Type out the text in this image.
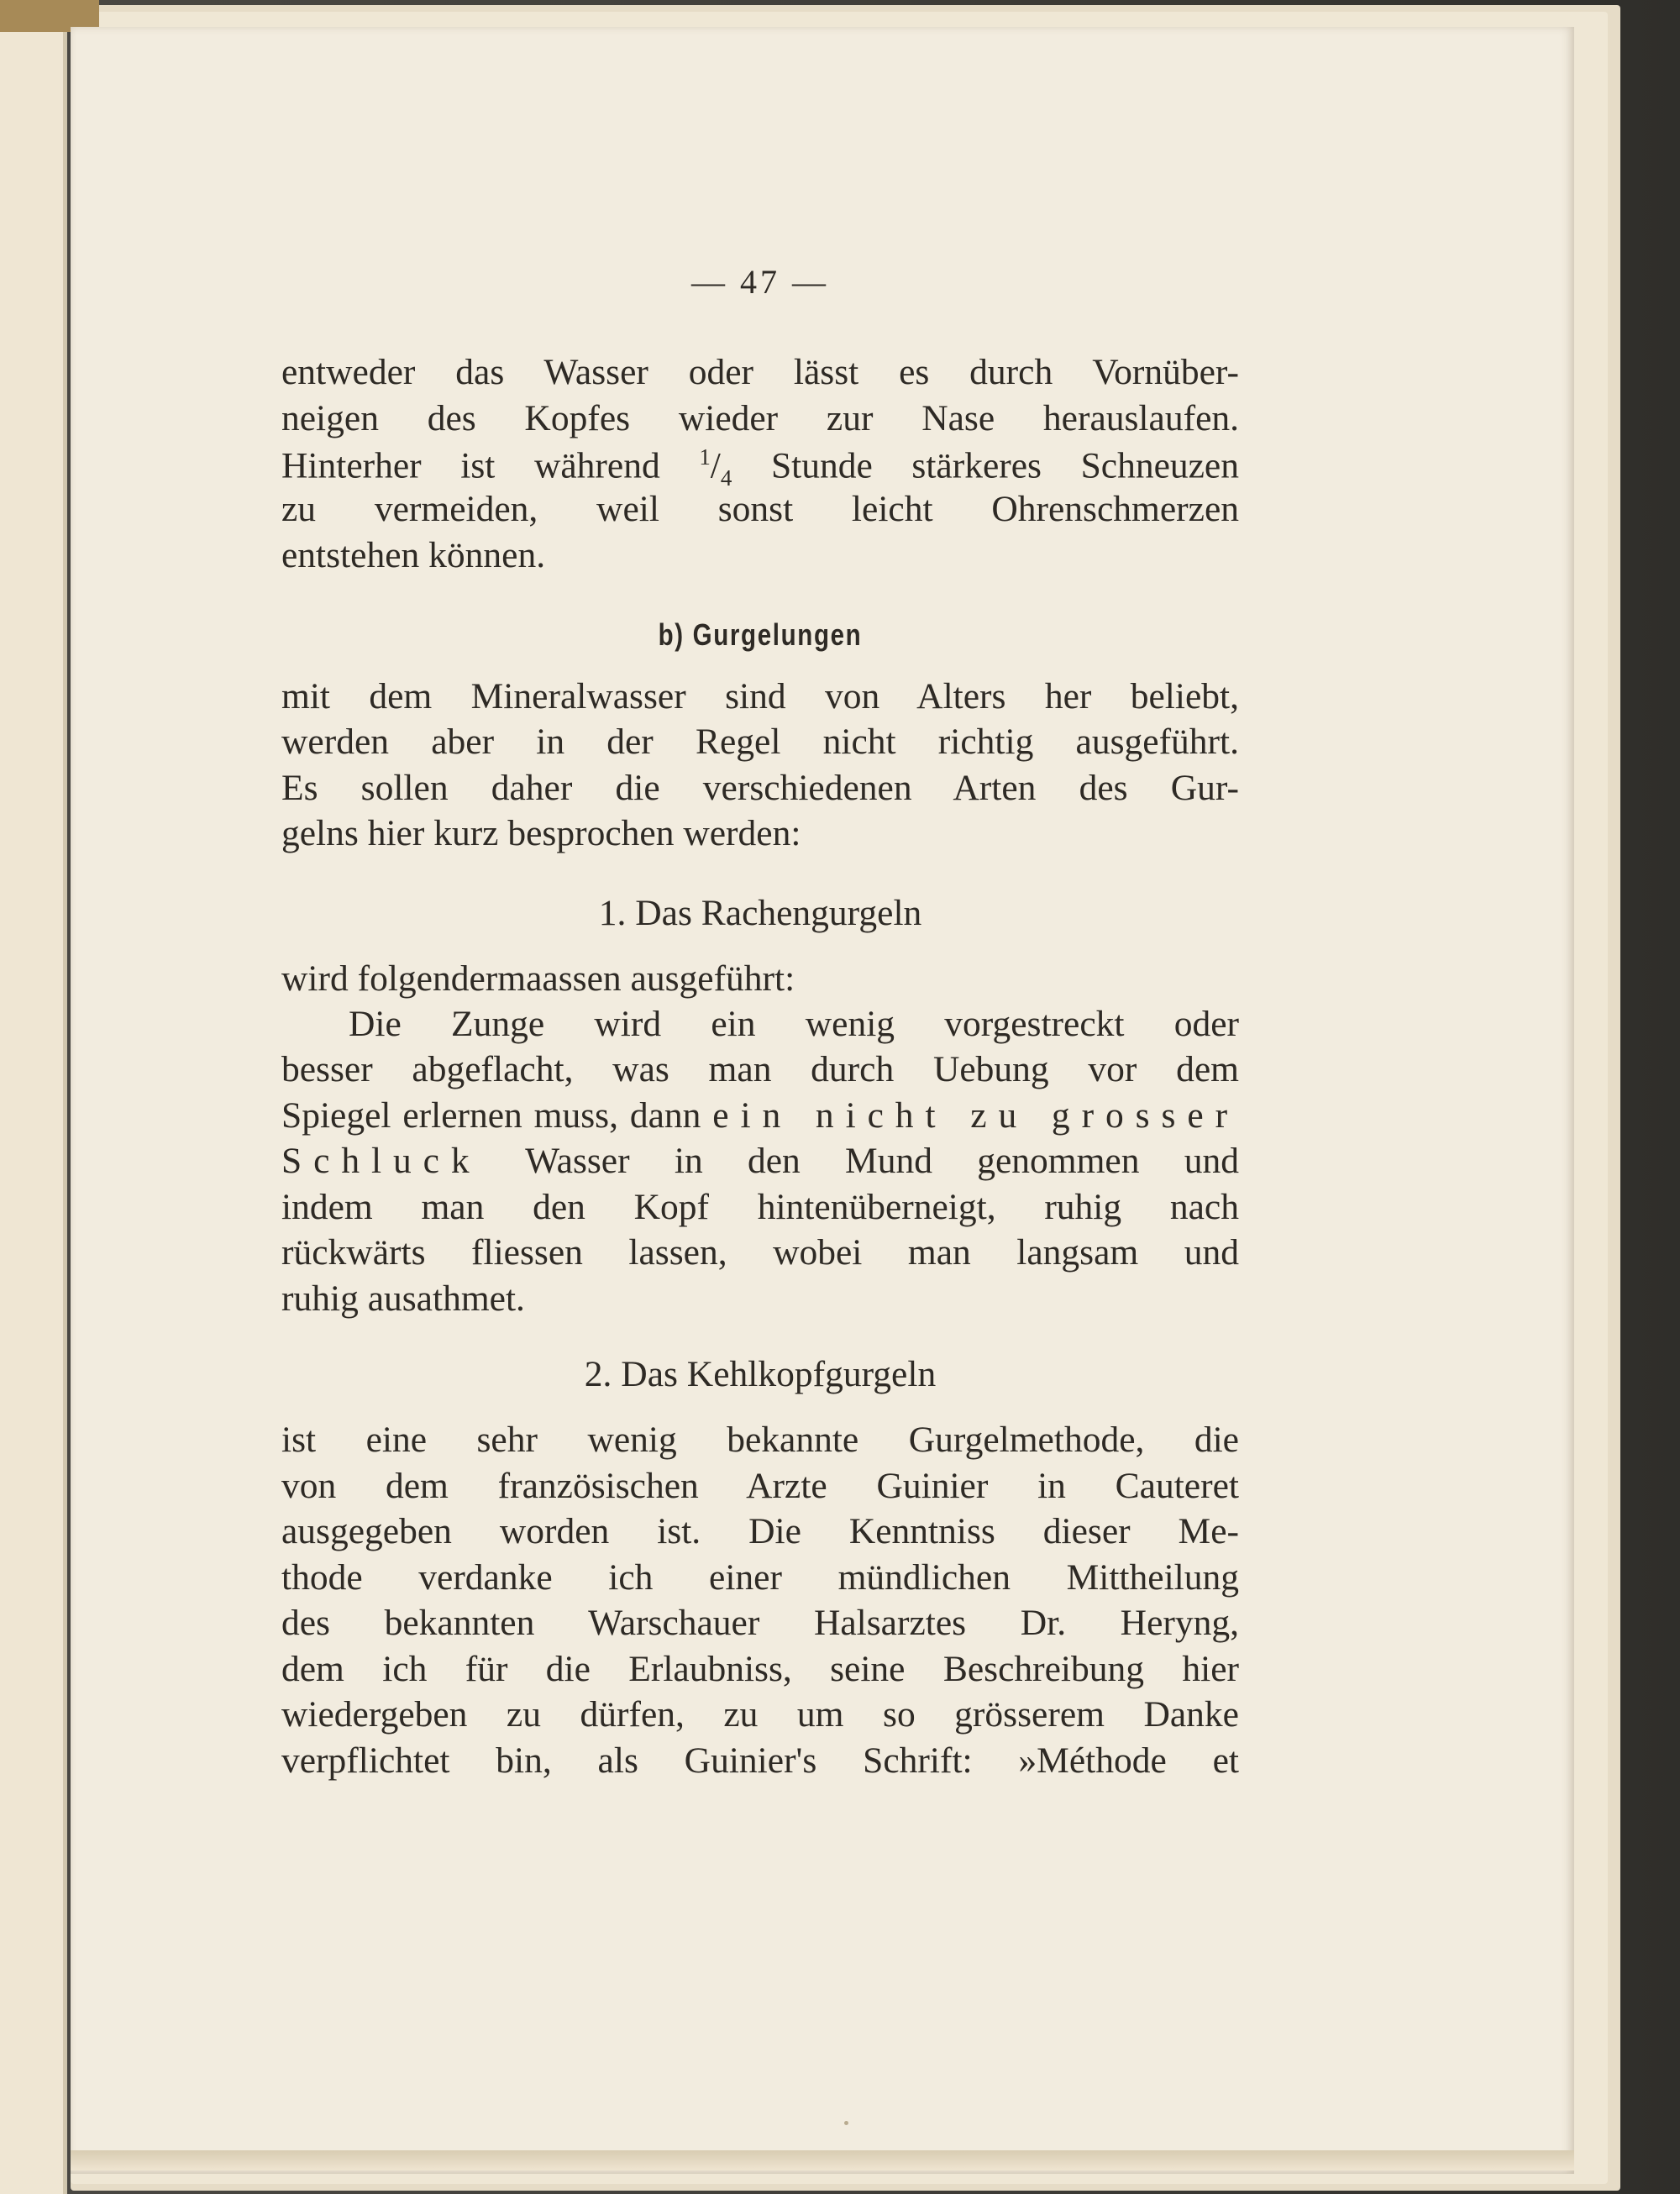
— 47 —
entweder das Wasser oder lässt es durch Vornüber-
neigen des Kopfes wieder zur Nase herauslaufen.
Hinterher ist während $^1/_4$ Stunde stärkeres Schneuzen
zu vermeiden, weil sonst leicht Ohrenschmerzen
entstehen können.
b) Gurgelungen
mit dem Mineralwasser sind von Alters her beliebt,
werden aber in der Regel nicht richtig ausgeführt.
Es sollen daher die verschiedenen Arten des Gur-
gelns hier kurz besprochen werden:
1. Das Rachengurgeln
wird folgendermaassen ausgeführt:
Die Zunge wird ein wenig vorgestreckt oder
besser abgeflacht, was man durch Uebung vor dem
Spiegel erlernen muss, dann ein nicht zu grosser
Schluck Wasser in den Mund genommen und
indem man den Kopf hintenüberneigt, ruhig nach
rückwärts fliessen lassen, wobei man langsam und
ruhig ausathmet.
2. Das Kehlkopfgurgeln
ist eine sehr wenig bekannte Gurgelmethode, die
von dem französischen Arzte Guinier in Cauteret
ausgegeben worden ist. Die Kenntniss dieser Me-
thode verdanke ich einer mündlichen Mittheilung
des bekannten Warschauer Halsarztes Dr. Heryng,
dem ich für die Erlaubniss, seine Beschreibung hier
wiedergeben zu dürfen, zu um so grösserem Danke
verpflichtet bin, als Guinier's Schrift: »Méthode et
